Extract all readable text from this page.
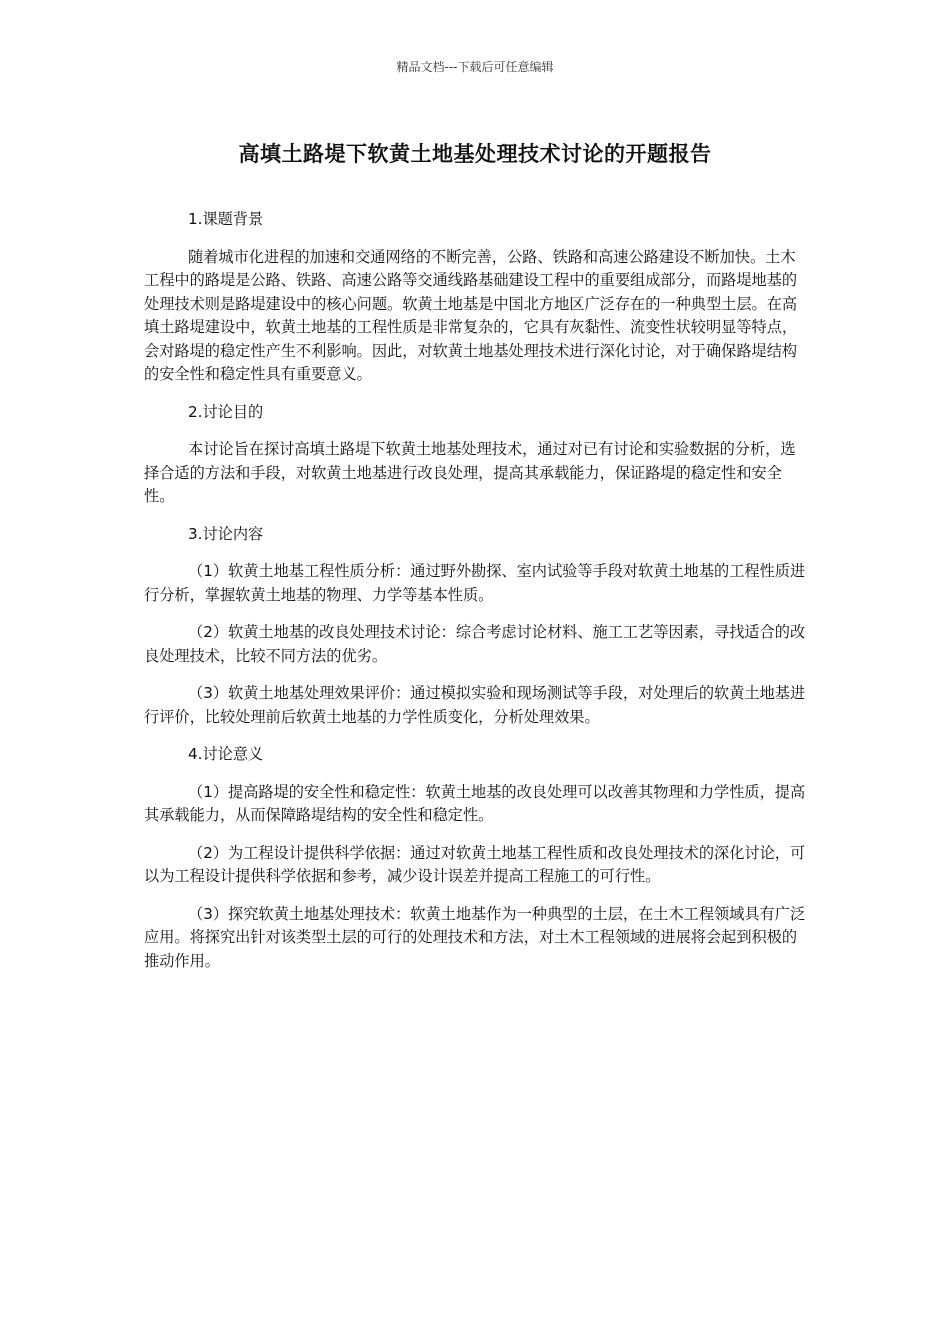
精品文档---下载后可任意编辑
高填土路堤下软黄土地基处理技术讨论的开题报告

1.课题背景

随着城市化进程的加速和交通网络的不断完善，公路、铁路和高速公路建设不断加快。土木工程中的路堤是公路、铁路、高速公路等交通线路基础建设工程中的重要组成部分，而路堤地基的处理技术则是路堤建设中的核心问题。软黄土地基是中国北方地区广泛存在的一种典型土层。在高填土路堤建设中，软黄土地基的工程性质是非常复杂的，它具有灰黏性、流变性状较明显等特点，会对路堤的稳定性产生不利影响。因此，对软黄土地基处理技术进行深化讨论，对于确保路堤结构的安全性和稳定性具有重要意义。

2.讨论目的

本讨论旨在探讨高填土路堤下软黄土地基处理技术，通过对已有讨论和实验数据的分析，选择合适的方法和手段，对软黄土地基进行改良处理，提高其承载能力，保证路堤的稳定性和安全性。

3.讨论内容

（1）软黄土地基工程性质分析：通过野外勘探、室内试验等手段对软黄土地基的工程性质进行分析，掌握软黄土地基的物理、力学等基本性质。

（2）软黄土地基的改良处理技术讨论：综合考虑讨论材料、施工工艺等因素，寻找适合的改良处理技术，比较不同方法的优劣。

（3）软黄土地基处理效果评价：通过模拟实验和现场测试等手段，对处理后的软黄土地基进行评价，比较处理前后软黄土地基的力学性质变化，分析处理效果。

4.讨论意义

（1）提高路堤的安全性和稳定性：软黄土地基的改良处理可以改善其物理和力学性质，提高其承载能力，从而保障路堤结构的安全性和稳定性。

（2）为工程设计提供科学依据：通过对软黄土地基工程性质和改良处理技术的深化讨论，可以为工程设计提供科学依据和参考，减少设计误差并提高工程施工的可行性。

（3）探究软黄土地基处理技术：软黄土地基作为一种典型的土层，在土木工程领域具有广泛应用。将探究出针对该类型土层的可行的处理技术和方法，对土木工程领域的进展将会起到积极的推动作用。
